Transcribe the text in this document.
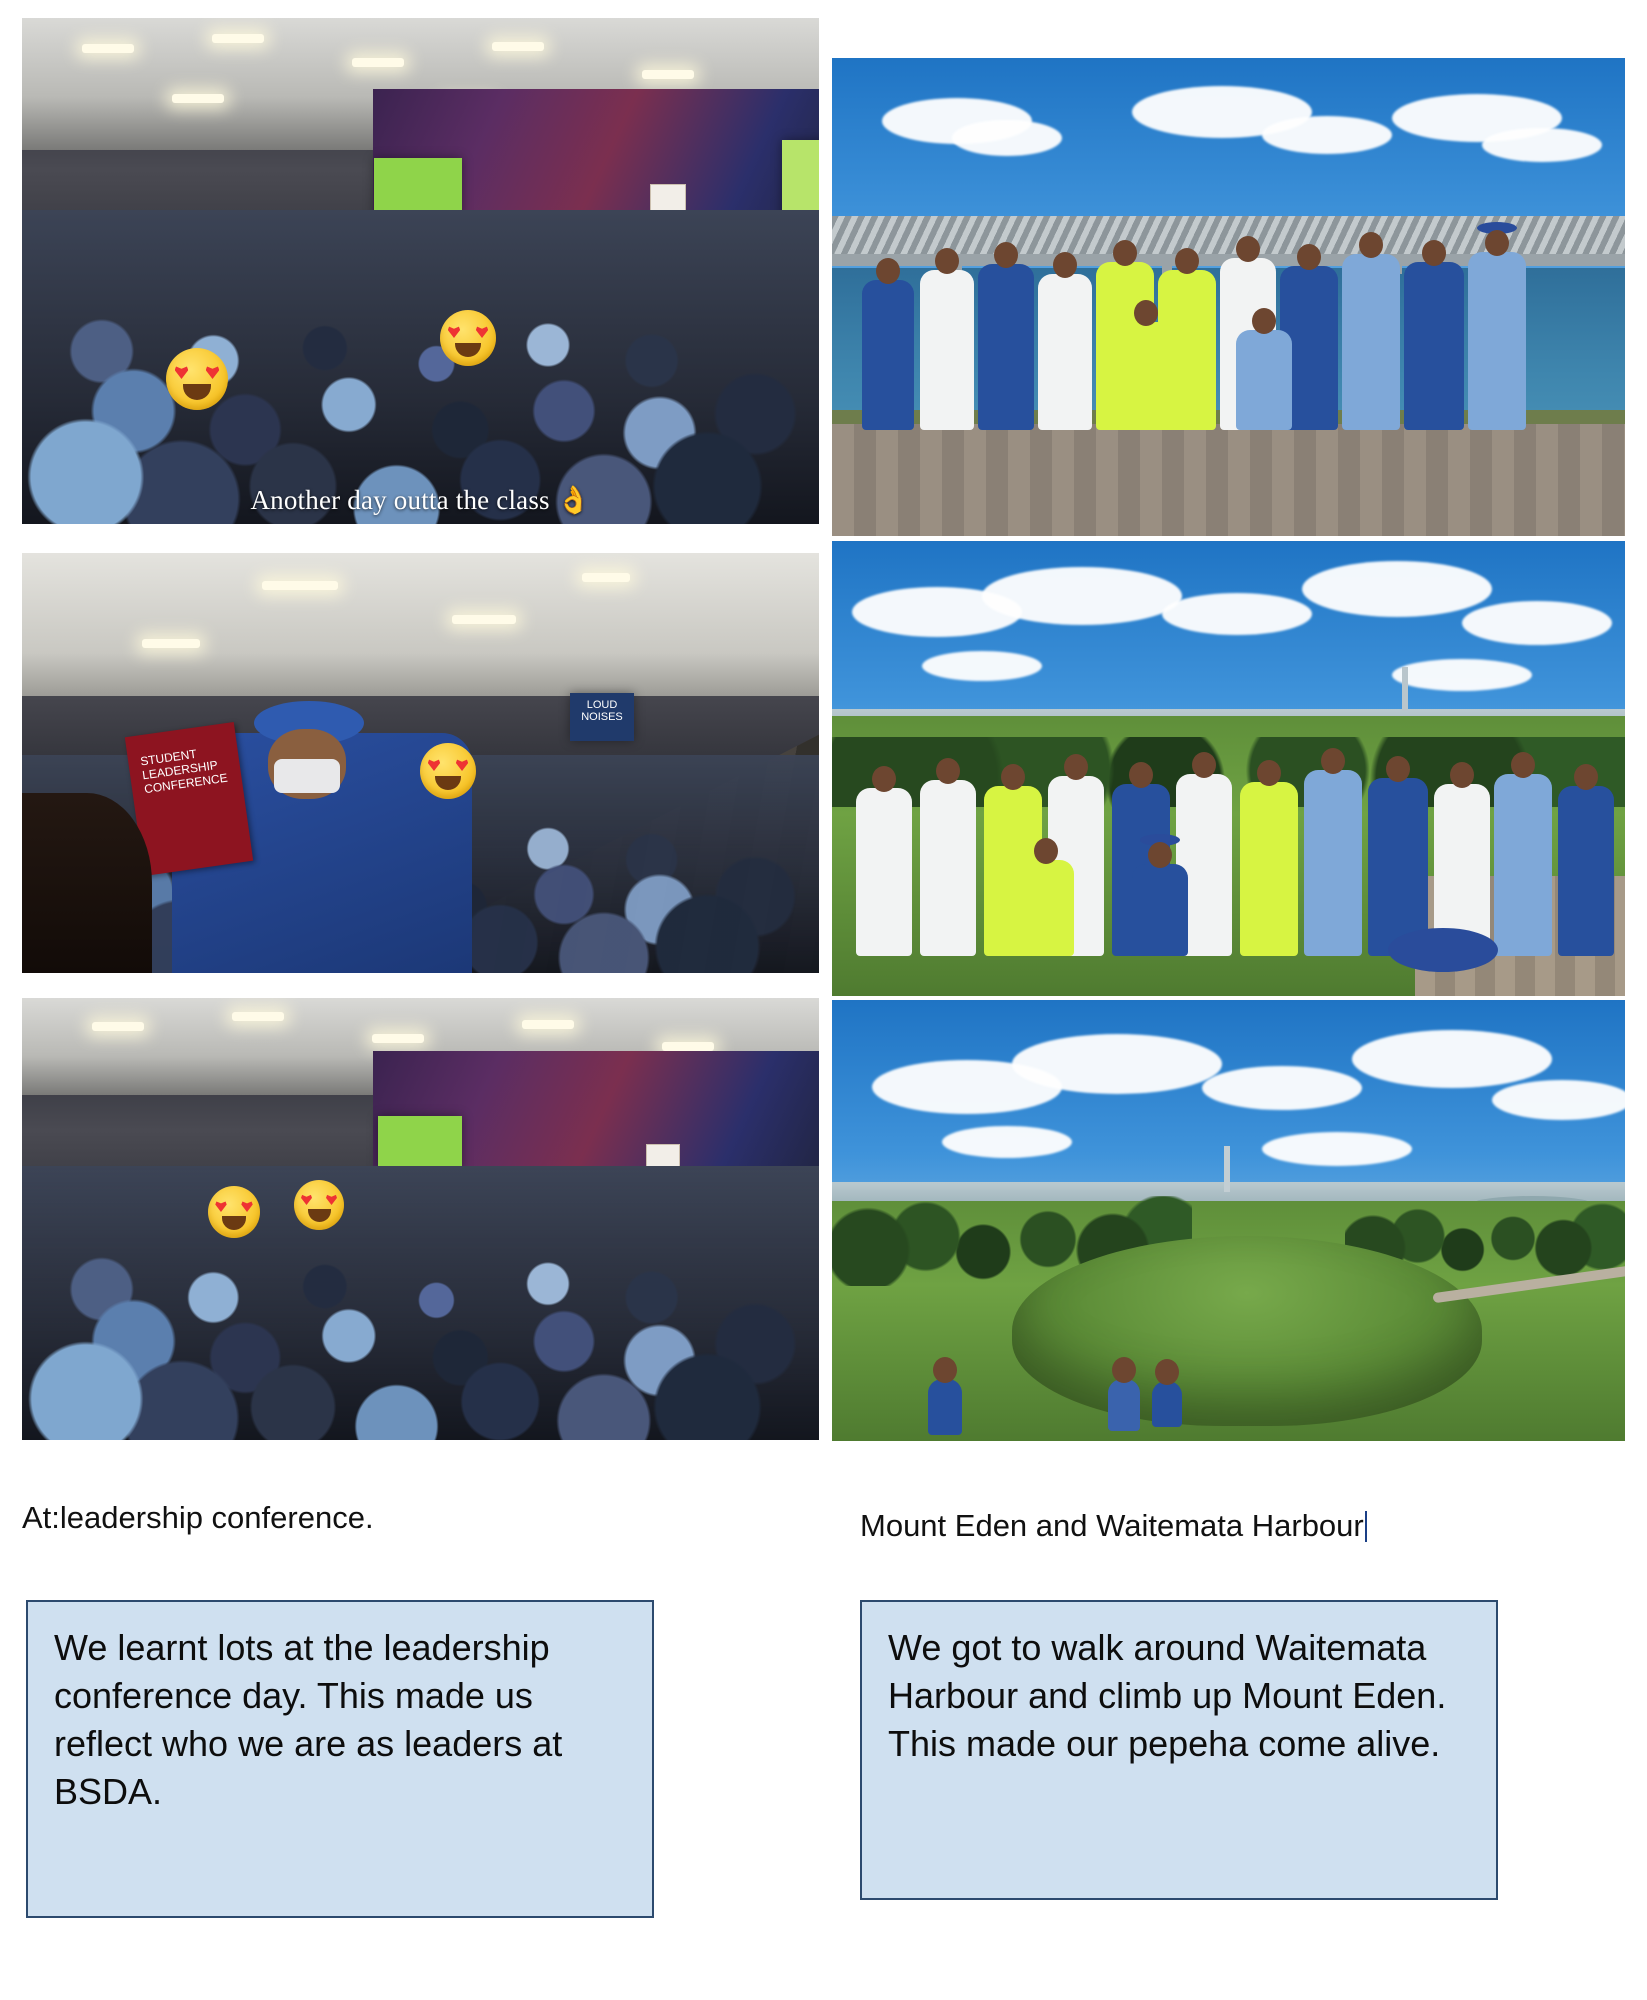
Another day outta the class 👌
LOUD NOISES
STUDENT LEADERSHIP CONFERENCE
At:leadership conference.	Mount Eden and Waitemata Harbour
We learnt lots at the leadership conference day. This made us reflect who we are as leaders at BSDA.
We got to walk around Waitemata Harbour and climb up Mount Eden. This made our pepeha come alive.
